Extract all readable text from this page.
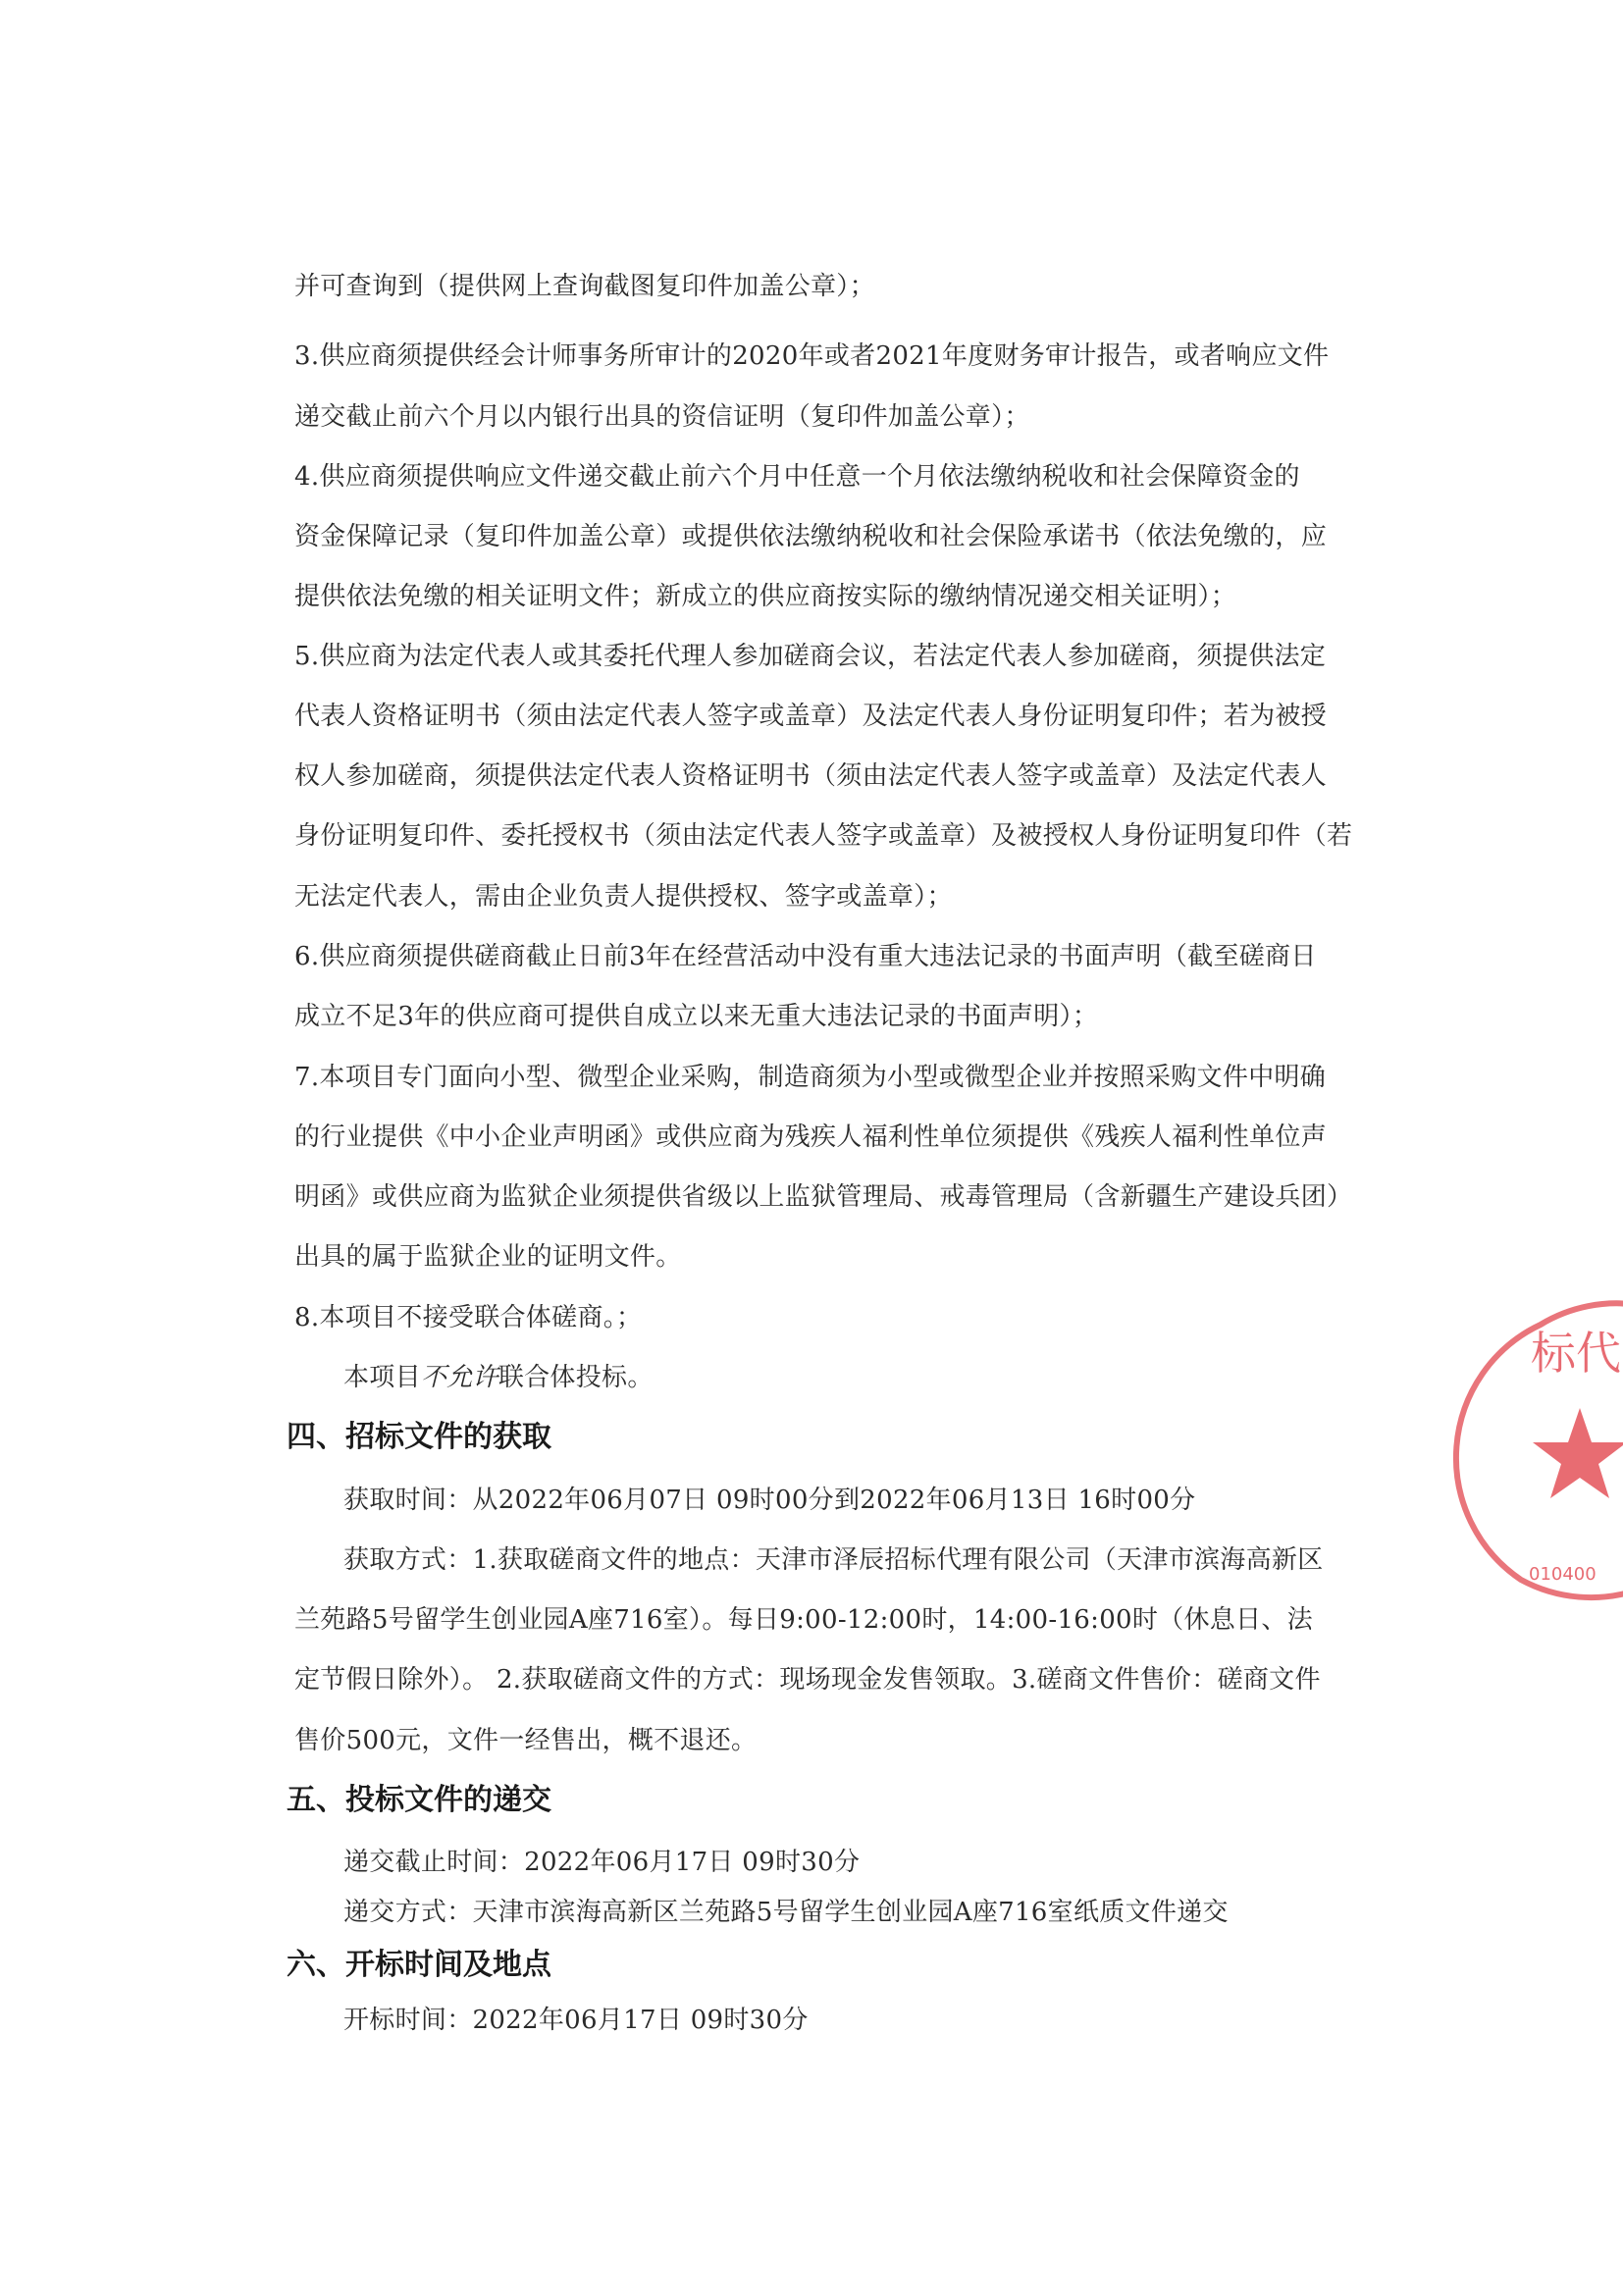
并可查询到（提供网上查询截图复印件加盖公章）；
3.供应商须提供经会计师事务所审计的2020年或者2021年度财务审计报告，或者响应文件
递交截止前六个月以内银行出具的资信证明（复印件加盖公章）；
4.供应商须提供响应文件递交截止前六个月中任意一个月依法缴纳税收和社会保障资金的
资金保障记录（复印件加盖公章）或提供依法缴纳税收和社会保险承诺书（依法免缴的，应
提供依法免缴的相关证明文件；新成立的供应商按实际的缴纳情况递交相关证明）；
5.供应商为法定代表人或其委托代理人参加磋商会议，若法定代表人参加磋商，须提供法定
代表人资格证明书（须由法定代表人签字或盖章）及法定代表人身份证明复印件；若为被授
权人参加磋商，须提供法定代表人资格证明书（须由法定代表人签字或盖章）及法定代表人
身份证明复印件、委托授权书（须由法定代表人签字或盖章）及被授权人身份证明复印件（若
无法定代表人，需由企业负责人提供授权、签字或盖章）；
6.供应商须提供磋商截止日前3年在经营活动中没有重大违法记录的书面声明（截至磋商日
成立不足3年的供应商可提供自成立以来无重大违法记录的书面声明）；
7.本项目专门面向小型、微型企业采购，制造商须为小型或微型企业并按照采购文件中明确
的行业提供《中小企业声明函》或供应商为残疾人福利性单位须提供《残疾人福利性单位声
明函》或供应商为监狱企业须提供省级以上监狱管理局、戒毒管理局（含新疆生产建设兵团）
出具的属于监狱企业的证明文件。
8.本项目不接受联合体磋商。；
本项目不允许联合体投标。
四、招标文件的获取
获取时间：从2022年06月07日 09时00分到2022年06月13日 16时00分
获取方式：1.获取磋商文件的地点：天津市泽辰招标代理有限公司（天津市滨海高新区
兰苑路5号留学生创业园A座716室）。每日9:00-12:00时，14:00-16:00时（休息日、法
定节假日除外）。 2.获取磋商文件的方式：现场现金发售领取。3.磋商文件售价：磋商文件
售价500元，文件一经售出，概不退还。
五、投标文件的递交
递交截止时间：2022年06月17日 09时30分
递交方式：天津市滨海高新区兰苑路5号留学生创业园A座716室纸质文件递交
六、开标时间及地点
开标时间：2022年06月17日 09时30分
标代
010400
